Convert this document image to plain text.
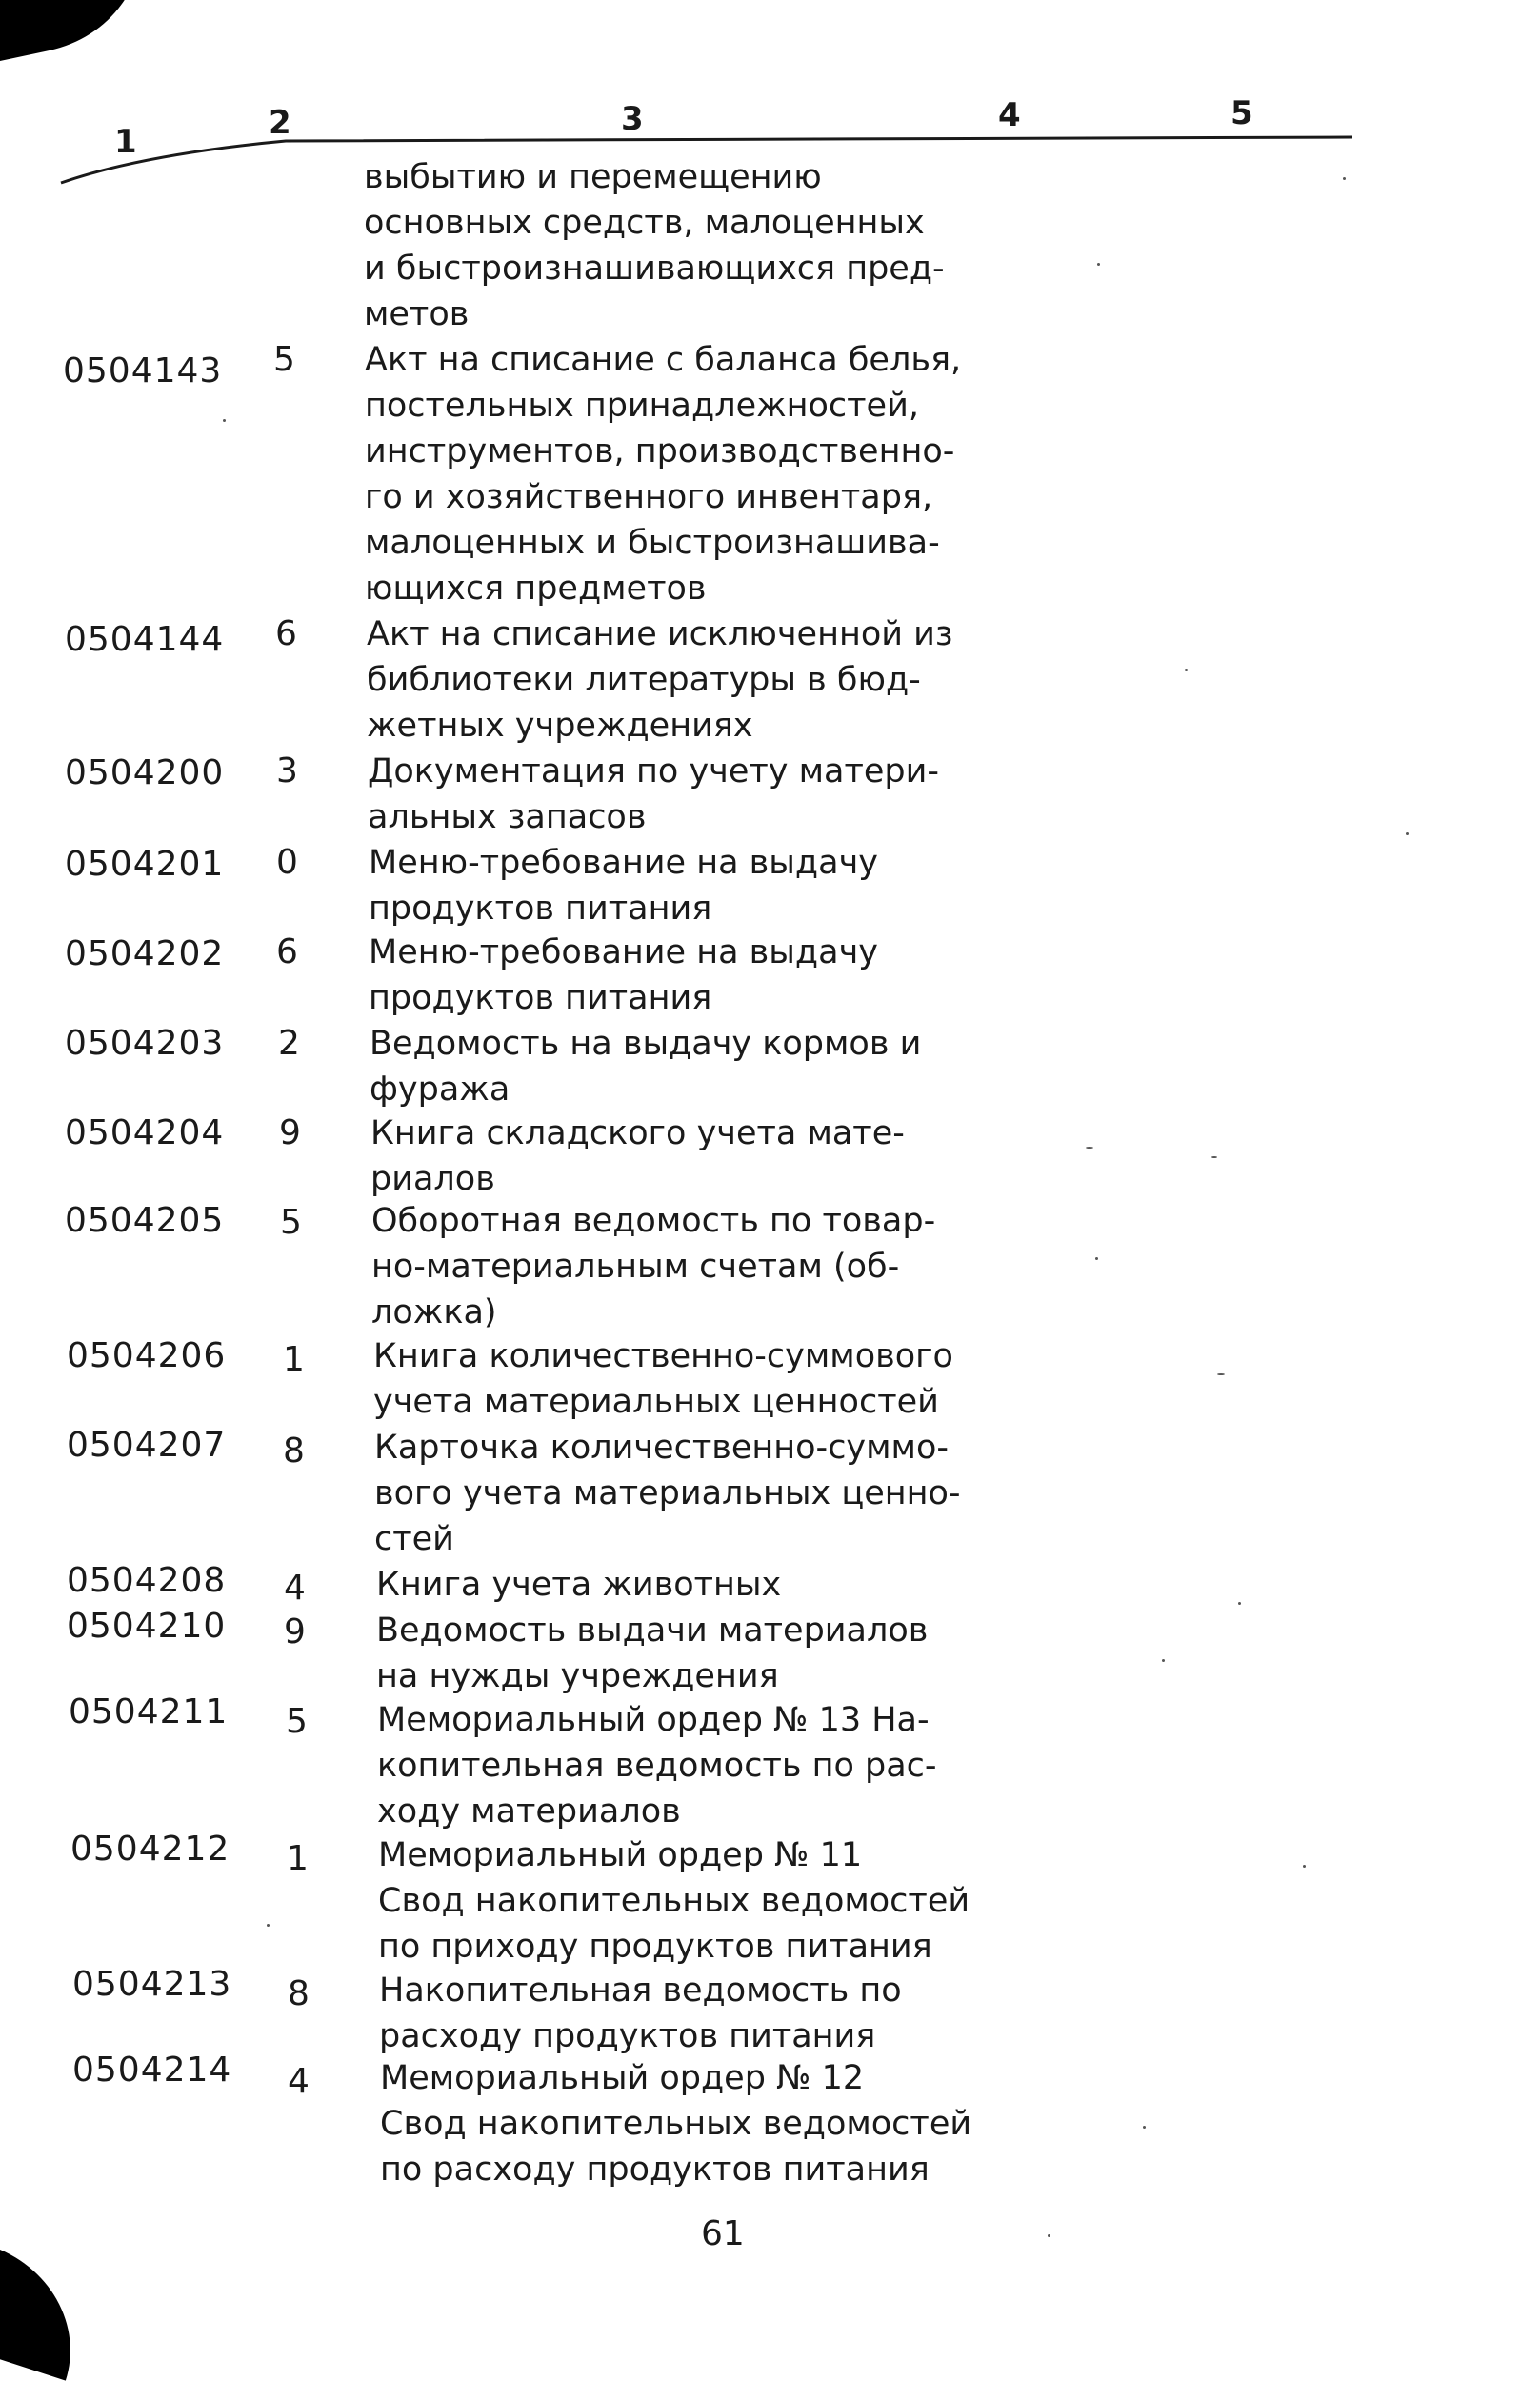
1	2	3	4	5
выбытию и перемещению
основных средств, малоценных
и быстроизнашивающихся пред-
метов
0504143 5 Акт на списание с баланса белья,
постельных принадлежностей,
инструментов, производственно-
го и хозяйственного инвентаря,
малоценных и быстроизнашива-
ющихся предметов
0504144 6 Акт на списание исключенной из
библиотеки литературы в бюд-
жетных учреждениях
0504200 3 Документация по учету матери-
альных запасов
0504201 0 Меню-требование на выдачу
продуктов питания
0504202 6 Меню-требование на выдачу
продуктов питания
0504203 2 Ведомость на выдачу кормов и
фуража
0504204 9 Книга складского учета мате-
риалов
0504205 5 Оборотная ведомость по товар-
но-материальным счетам (об-
ложка)
0504206 1 Книга количественно-суммового
учета материальных ценностей
0504207 8 Карточка количественно-суммо-
вого учета материальных ценно-
стей
0504208 4 Книга учета животных
0504210 9 Ведомость выдачи материалов
на нужды учреждения
0504211 5 Мемориальный ордер № 13 На-
копительная ведомость по рас-
ходу материалов
0504212 1 Мемориальный ордер № 11
Свод накопительных ведомостей
по приходу продуктов питания
0504213 8 Накопительная ведомость по
расходу продуктов питания
0504214 4 Мемориальный ордер № 12
Свод накопительных ведомостей
по расходу продуктов питания
61
